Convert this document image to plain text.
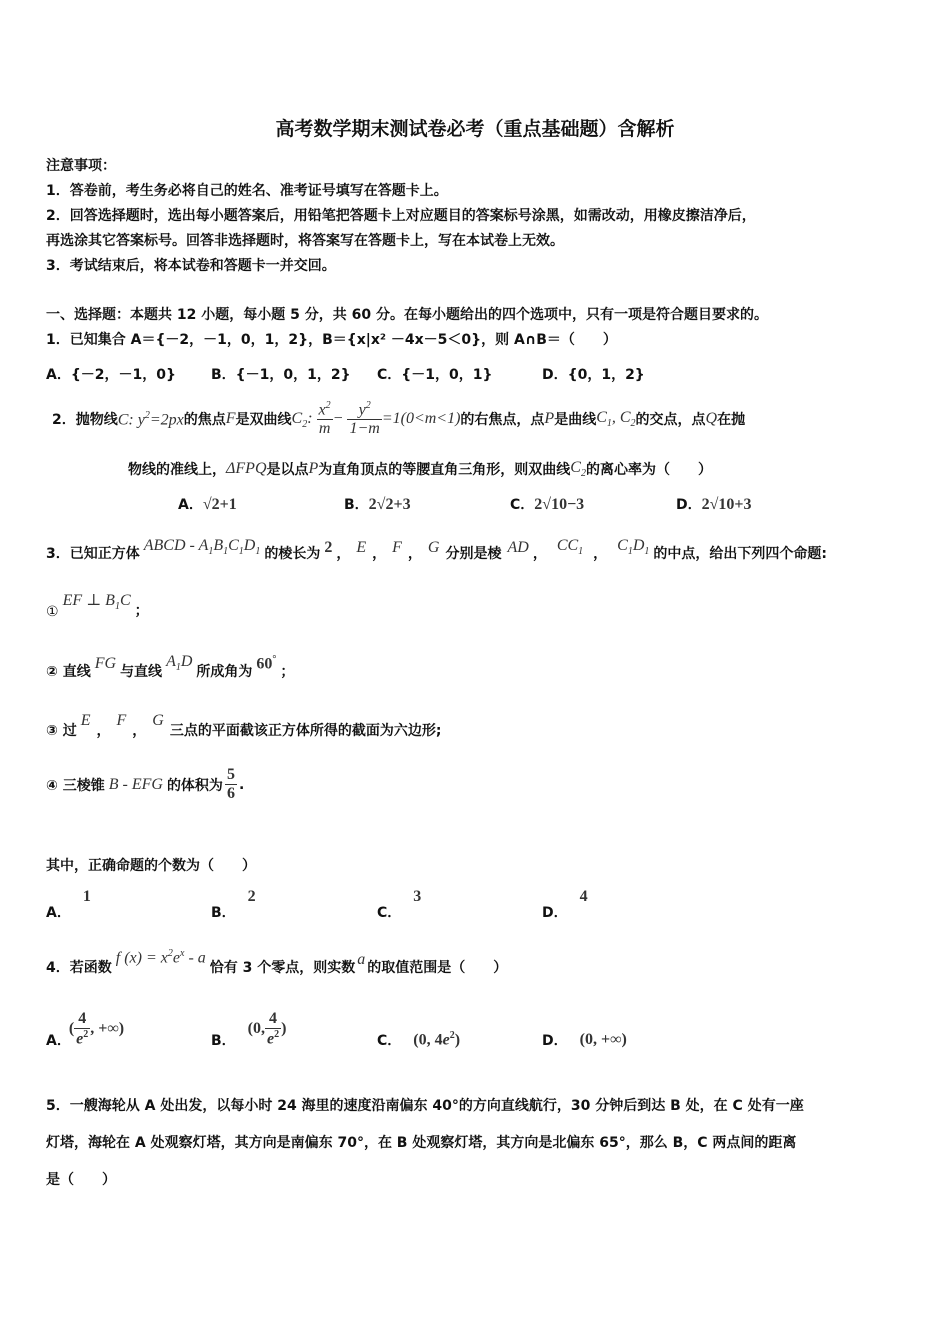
高考数学期末测试卷必考（重点基础题）含解析
注意事项：
1．答卷前，考生务必将自己的姓名、准考证号填写在答题卡上。
2．回答选择题时，选出每小题答案后，用铅笔把答题卡上对应题目的答案标号涂黑，如需改动，用橡皮擦洁净后，
再选涂其它答案标号。回答非选择题时，将答案写在答题卡上，写在本试卷上无效。
3．考试结束后，将本试卷和答题卡一并交回。
一、选择题：本题共 12 小题，每小题 5 分，共 60 分。在每小题给出的四个选项中，只有一项是符合题目要求的。
1．已知集合 A＝{－2，－1，0，1，2}，B＝{x|x² －4x－5＜0}，则 A∩B＝（　　）
A．{－2，－1，0}	B．{－1，0，1，2} C．{－1，0，1}	D．{0，1，2}
2．抛物线 C: $y^2=2px$ 的焦点 F 是双曲线 $C_2$: $\frac{x^2}{m} - \frac{y^2}{1-m} =1(0<m<1)$ 的右焦点，点 P 是曲线 $C_1$, $C_2$ 的交点，点 Q 在抛
物线的准线上， ΔFPQ 是以点 P 为直角顶点的等腰直角三角形，则双曲线 $C_2$ 的离心率为（　　）
A．√2+1	B．2√2+3	C．2√10−3	D．2√10+3
3．已知正方体
ABCD - $A_1B_1C_1D_1$ 的棱长为 2 ， E ， F ， G 分别是棱 AD ，
$CC_1$ ，
$C_1D_1$ 的中点，给出下列四个命题:
①
EF ⊥ $B_1C$
；
② 直线 FG 与直线
$A_1D$
所成角为 60°
；
③ 过
E
，
F
，
G
三点的平面截该正方体所得的截面为六边形;
④ 三棱锥 B - EFG 的体积为 $\frac{5}{6}$ .
其中，正确命题的个数为（　　）
A．
1
B．
2
C．
3
D．
4
4．若函数
f $(x) = x^2e^x - a$
恰有 3 个零点，则实数 a 的取值范围是（　　）
A．
( $\frac{4}{e^2}$ , +∞)
B．
(0, $\frac{4}{e^2}$ )
C． (0, $4e^2$)	D． (0, +∞)
5．一艘海轮从 A 处出发，以每小时 24 海里的速度沿南偏东 40°的方向直线航行，30 分钟后到达 B 处，在 C 处有一座
灯塔，海轮在 A 处观察灯塔，其方向是南偏东 70°，在 B 处观察灯塔，其方向是北偏东 65°，那么 B，C 两点间的距离
是（　　）
